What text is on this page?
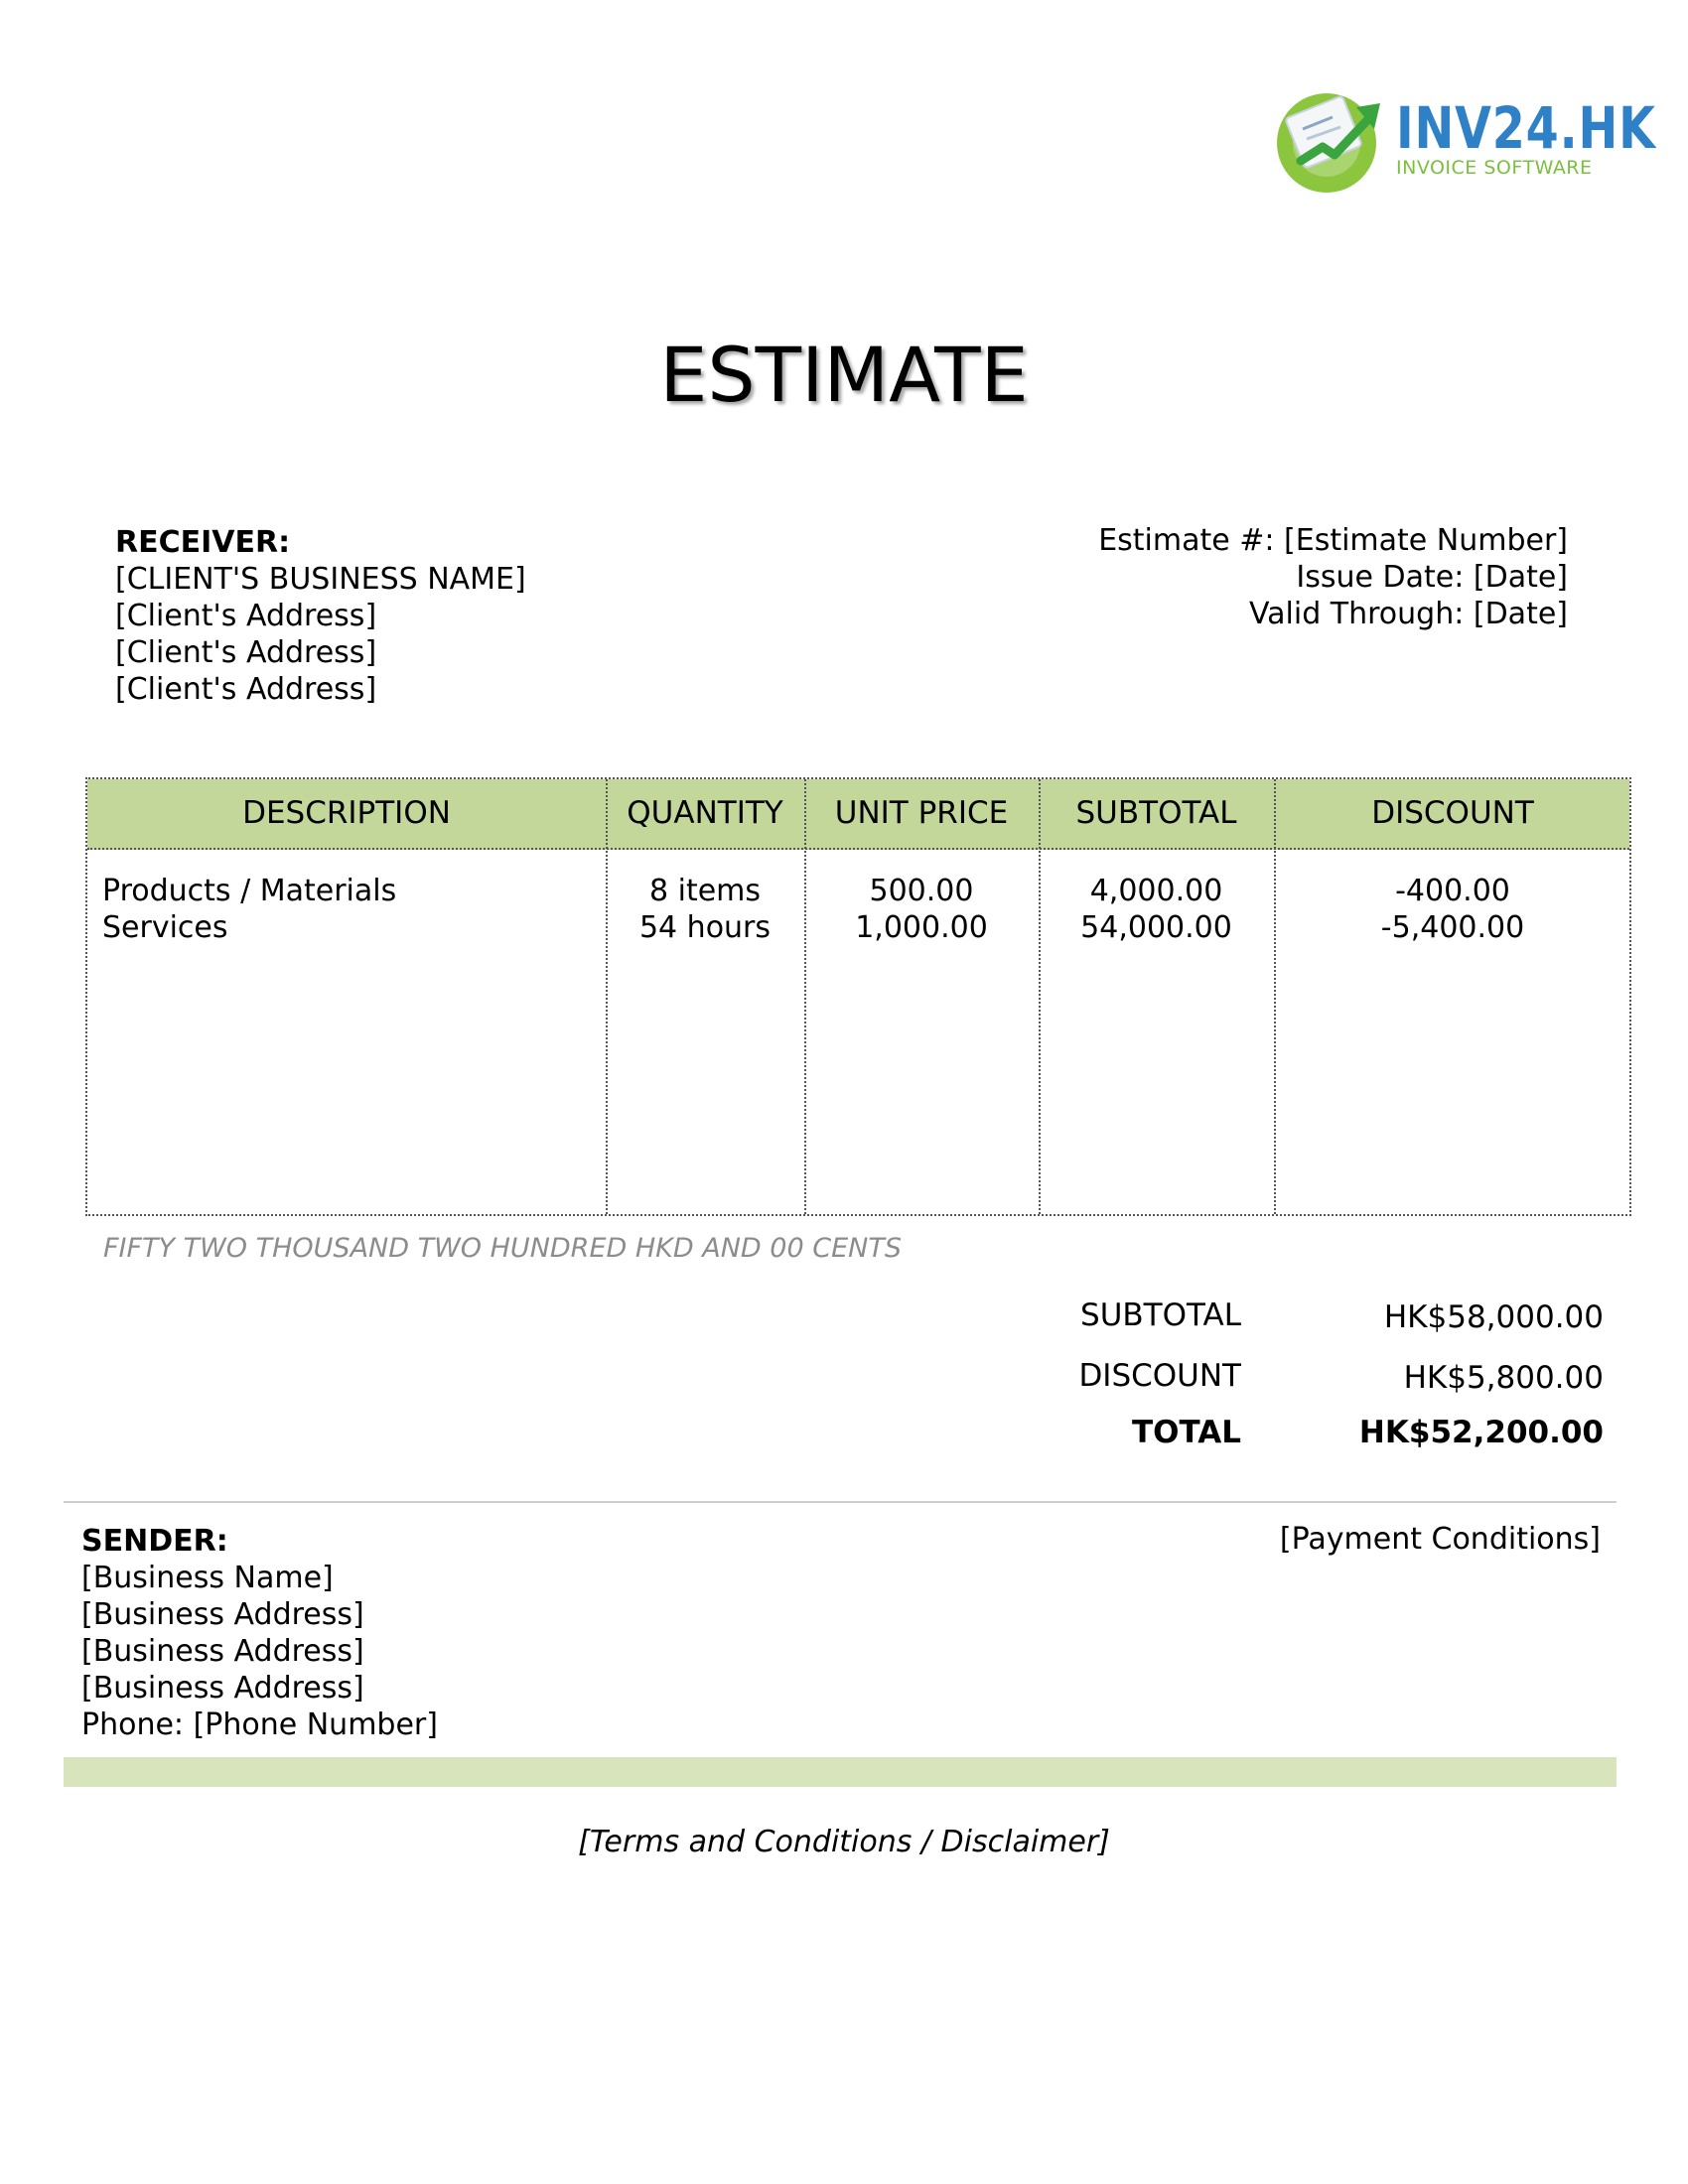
INV24.HK
INVOICE SOFTWARE
ESTIMATE
RECEIVER:
[CLIENT'S BUSINESS NAME]
[Client's Address]
[Client's Address]
[Client's Address]
Estimate #: [Estimate Number]
Issue Date: [Date]
Valid Through: [Date]
DESCRIPTION	QUANTITY	UNIT PRICE	SUBTOTAL	DISCOUNT
Products / Materials	8 items	500.00	4,000.00	-400.00
Services	54 hours	1,000.00	54,000.00	-5,400.00
FIFTY TWO THOUSAND TWO HUNDRED HKD AND 00 CENTS
SUBTOTAL	HK$58,000.00
DISCOUNT	HK$5,800.00
TOTAL	HK$52,200.00
SENDER:
[Business Name]
[Business Address]
[Business Address]
[Business Address]
Phone: [Phone Number]
[Payment Conditions]
[Terms and Conditions / Disclaimer]
